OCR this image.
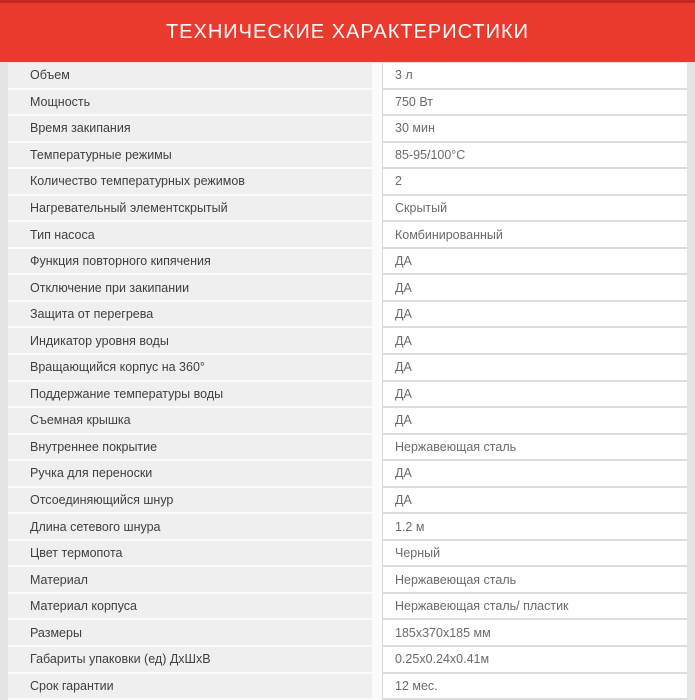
ТЕХНИЧЕСКИЕ ХАРАКТЕРИСТИКИ
Объем	3 л
Мощность	750 Вт
Время закипания	30 мин
Температурные режимы	85-95/100°С
Количество температурных режимов	2
Нагревательный элементскрытый	Скрытый
Тип насоса	Комбинированный
Функция повторного кипячения	ДА
Отключение при закипании	ДА
Защита от перегрева	ДА
Индикатор уровня воды	ДА
Вращающийся корпус на 360°	ДА
Поддержание температуры воды	ДА
Съемная крышка	ДА
Внутреннее покрытие	Нержавеющая сталь
Ручка для переноски	ДА
Отсоединяющийся шнур	ДА
Длина сетевого шнура	1.2 м
Цвет термопота	Черный
Материал	Нержавеющая сталь
Материал корпуса	Нержавеющая сталь/ пластик
Размеры	185х370х185 мм
Габариты упаковки (ед) ДхШхВ	0.25х0.24х0.41м
Срок гарантии	12 мес.
